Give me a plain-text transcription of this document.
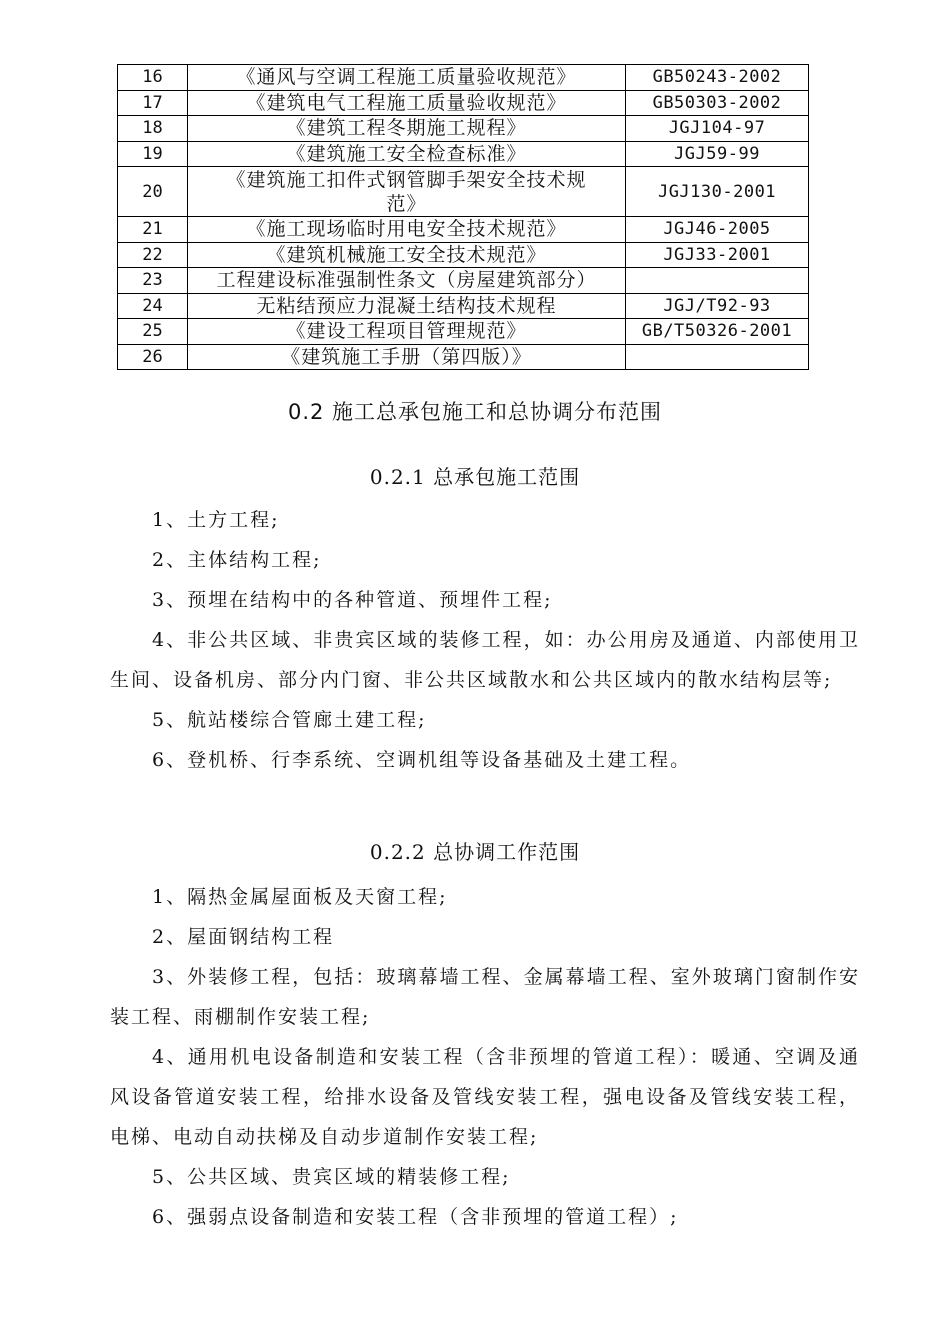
16	《通风与空调工程施工质量验收规范》	GB50243-2002
17	《建筑电气工程施工质量验收规范》	GB50303-2002
18	《建筑工程冬期施工规程》	JGJ104-97
19	《建筑施工安全检查标准》	JGJ59-99
20	《建筑施工扣件式钢管脚手架安全技术规范》	JGJ130-2001
21	《施工现场临时用电安全技术规范》	JGJ46-2005
22	《建筑机械施工安全技术规范》	JGJ33-2001
23	工程建设标准强制性条文（房屋建筑部分）	
24	无粘结预应力混凝土结构技术规程	JGJ/T92-93
25	《建设工程项目管理规范》	GB/T50326-2001
26	《建筑施工手册（第四版）》	
0.2 施工总承包施工和总协调分布范围
0.2.1 总承包施工范围

1、土方工程;

2、主体结构工程;

3、预埋在结构中的各种管道、预埋件工程;

4、非公共区域、非贵宾区域的装修工程，如：办公用房及通道、内部使用卫生间、设备机房、部分内门窗、非公共区域散水和公共区域内的散水结构层等;

5、航站楼综合管廊土建工程;

6、登机桥、行李系统、空调机组等设备基础及土建工程。

0.2.2 总协调工作范围

1、隔热金属屋面板及天窗工程;

2、屋面钢结构工程

3、外装修工程，包括：玻璃幕墙工程、金属幕墙工程、室外玻璃门窗制作安装工程、雨棚制作安装工程;

4、通用机电设备制造和安装工程（含非预埋的管道工程）：暖通、空调及通风设备管道安装工程，给排水设备及管线安装工程，强电设备及管线安装工程，电梯、电动自动扶梯及自动步道制作安装工程;

5、公共区域、贵宾区域的精装修工程;

6、强弱点设备制造和安装工程（含非预埋的管道工程）;
